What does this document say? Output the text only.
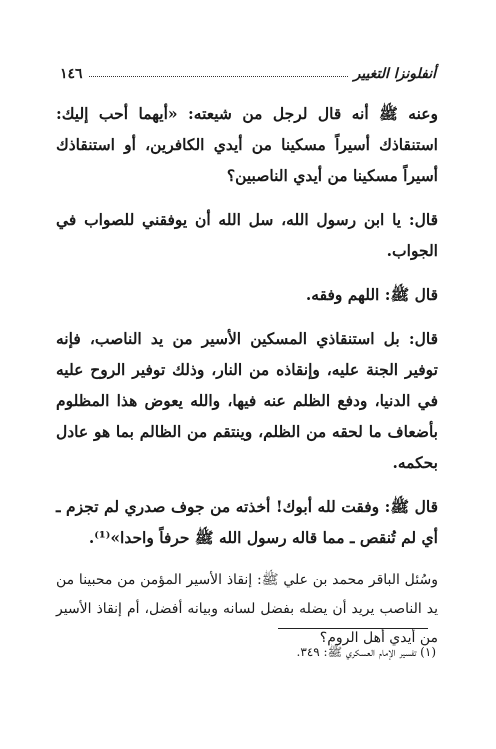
١٤٦	أنفلونزا التغيير

وعنه ﷺ أنه قال لرجل من شيعته: «أيهما أحب إليك: استنقاذك أسيراً مسكينا من أيدي الكافرين، أو استنقاذك أسيراً مسكينا من أيدي الناصبين؟

قال: يا ابن رسول الله، سل الله أن يوفقني للصواب في الجواب.

قال ﷺ: اللهم وفقه.

قال: بل استنقاذي المسكين الأسير من يد الناصب، فإنه توفير الجنة عليه، وإنقاذه من النار، وذلك توفير الروح عليه في الدنيا، ودفع الظلم عنه فيها، والله يعوض هذا المظلوم بأضعاف ما لحقه من الظلم، وينتقم من الظالم بما هو عادل بحكمه.

قال ﷺ: وفقت لله أبوك! أخذته من جوف صدري لم تجزم ـ أي لم تُنقص ـ مما قاله رسول الله ﷺ حرفاً واحدا»⁽¹⁾.

وسُئل الباقر محمد بن علي ﷺ: إنقاذ الأسير المؤمن من محبينا من يد الناصب يريد أن يضله بفضل لسانه وبيانه أفضل، أم إنقاذ الأسير من أيدي أهل الروم؟

(١) تفسير الإمام العسكري ﷺ: ٣٤٩.
